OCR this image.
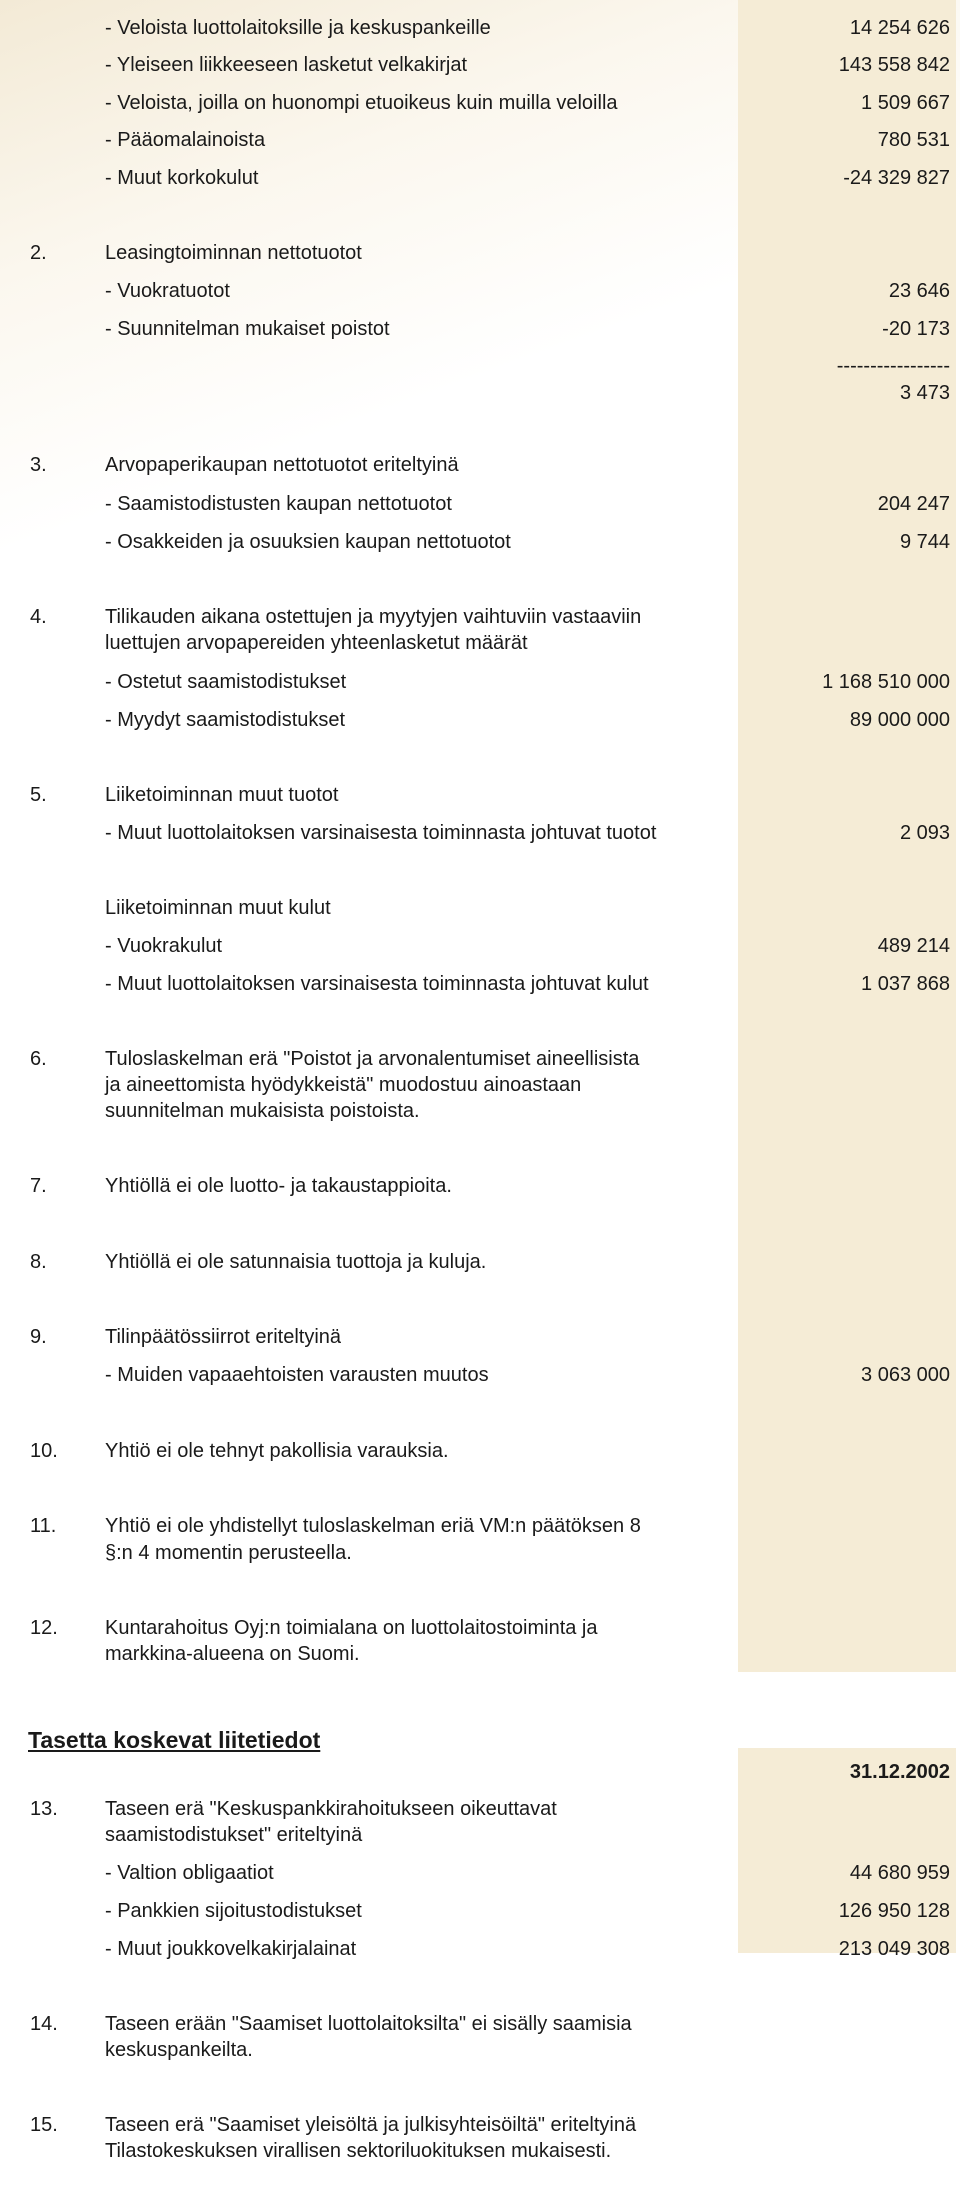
- Veloista luottolaitoksille ja keskuspankeille	14 254 626
- Yleiseen liikkeeseen lasketut velkakirjat	143 558 842
- Veloista, joilla on huonompi etuoikeus kuin muilla veloilla	1 509 667
- Pääomalainoista	780 531
- Muut korkokulut	-24 329 827
2.	Leasingtoiminnan nettotuotot
- Vuokratuotot	23 646
- Suunnitelman mukaiset poistot	-20 173
-----------------
3 473
3.	Arvopaperikaupan nettotuotot eriteltyinä
- Saamistodistusten kaupan nettotuotot	204 247
- Osakkeiden ja osuuksien kaupan nettotuotot	9 744
4.	Tilikauden aikana ostettujen ja myytyjen vaihtuviin vastaaviin
luettujen arvopapereiden yhteenlasketut määrät
- Ostetut saamistodistukset	1 168 510 000
- Myydyt saamistodistukset	89 000 000
5.	Liiketoiminnan muut tuotot
- Muut luottolaitoksen varsinaisesta toiminnasta johtuvat tuotot	2 093
Liiketoiminnan muut kulut
- Vuokrakulut	489 214
- Muut luottolaitoksen varsinaisesta toiminnasta johtuvat kulut	1 037 868
6.	Tuloslaskelman erä "Poistot ja arvonalentumiset aineellisista
ja aineettomista hyödykkeistä" muodostuu ainoastaan
suunnitelman mukaisista poistoista.
7.	Yhtiöllä ei ole luotto- ja takaustappioita.
8.	Yhtiöllä ei ole satunnaisia tuottoja ja kuluja.
9.	Tilinpäätössiirrot eriteltyinä
- Muiden vapaaehtoisten varausten muutos	3 063 000
10. Yhtiö ei ole tehnyt pakollisia varauksia.
11. Yhtiö ei ole yhdistellyt tuloslaskelman eriä VM:n päätöksen 8
§:n 4 momentin perusteella.
12. Kuntarahoitus Oyj:n toimialana on luottolaitostoiminta ja
markkina-alueena on Suomi.
Tasetta koskevat liitetiedot
31.12.2002
13. Taseen erä "Keskuspankkirahoitukseen oikeuttavat
saamistodistukset" eriteltyinä
- Valtion obligaatiot	44 680 959
- Pankkien sijoitustodistukset	126 950 128
- Muut joukkovelkakirjalainat	213 049 308
14. Taseen erään "Saamiset luottolaitoksilta" ei sisälly saamisia
keskuspankeilta.
15. Taseen erä "Saamiset yleisöltä ja julkisyhteisöiltä" eriteltyinä
Tilastokeskuksen virallisen sektoriluokituksen mukaisesti.
